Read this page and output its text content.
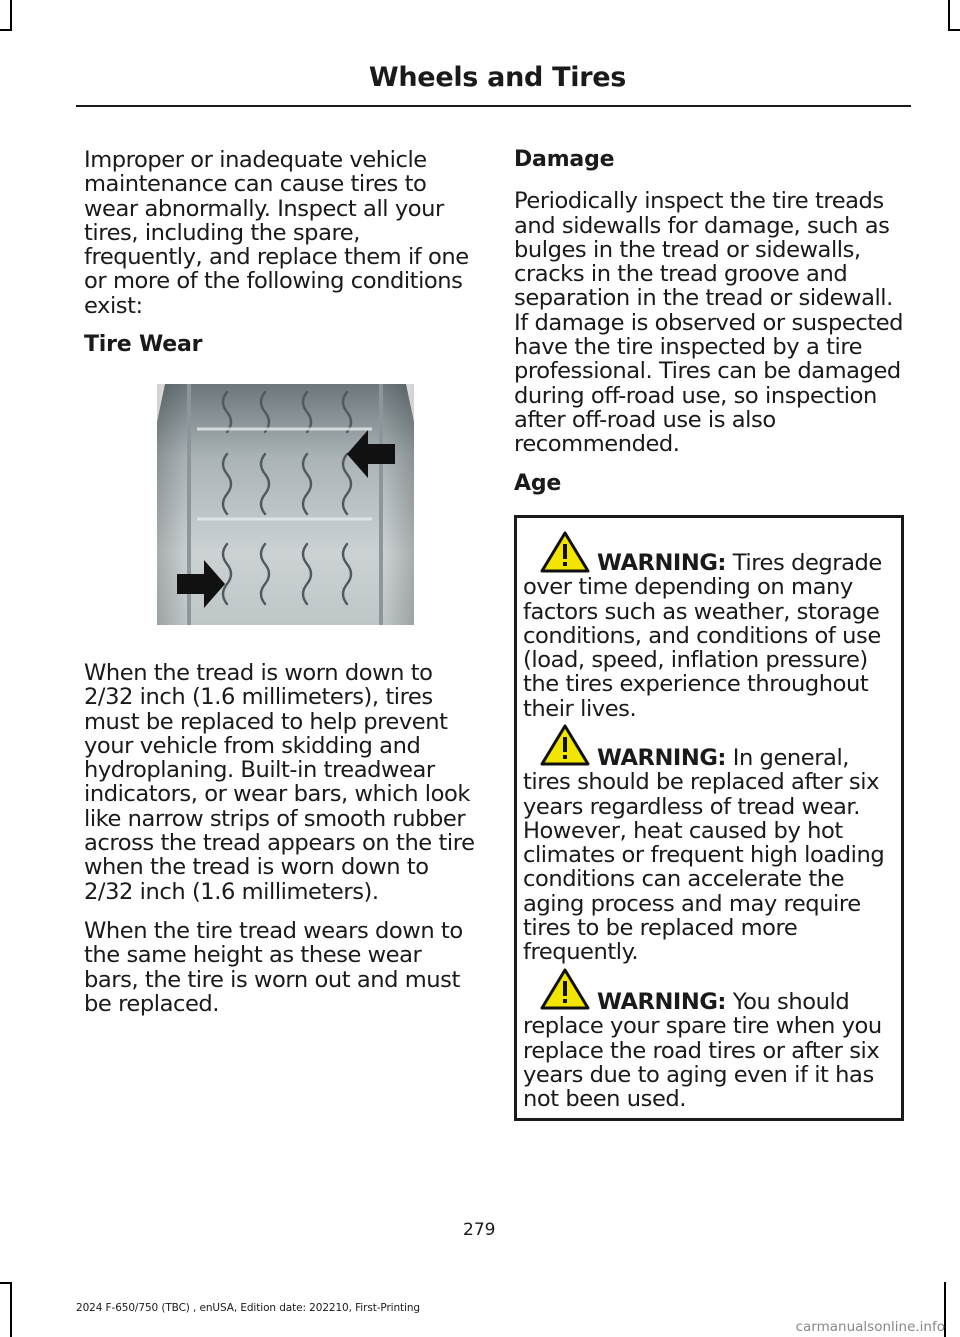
Wheels and Tires

Improper or inadequate vehicle maintenance can cause tires to wear abnormally. Inspect all your tires, including the spare, frequently, and replace them if one or more of the following conditions exist:

Tire Wear

When the tread is worn down to 2/32 inch (1.6 millimeters), tires must be replaced to help prevent your vehicle from skidding and hydroplaning. Built-in treadwear indicators, or wear bars, which look like narrow strips of smooth rubber across the tread appears on the tire when the tread is worn down to 2/32 inch (1.6 millimeters).

When the tire tread wears down to the same height as these wear bars, the tire is worn out and must be replaced.

Damage

Periodically inspect the tire treads and sidewalls for damage, such as bulges in the tread or sidewalls, cracks in the tread groove and separation in the tread or sidewall. If damage is observed or suspected have the tire inspected by a tire professional. Tires can be damaged during off-road use, so inspection after off-road use is also recommended.

Age
WARNING: Tires degrade over time depending on many factors such as weather, storage conditions, and conditions of use (load, speed, inflation pressure) the tires experience throughout their lives.
WARNING: In general, tires should be replaced after six years regardless of tread wear. However, heat caused by hot climates or frequent high loading conditions can accelerate the aging process and may require tires to be replaced more frequently.
WARNING: You should replace your spare tire when you replace the road tires or after six years due to aging even if it has not been used.
279
2024 F-650/750 (TBC) , enUSA, Edition date: 202210, First-Printing
carmanualsonline.info
